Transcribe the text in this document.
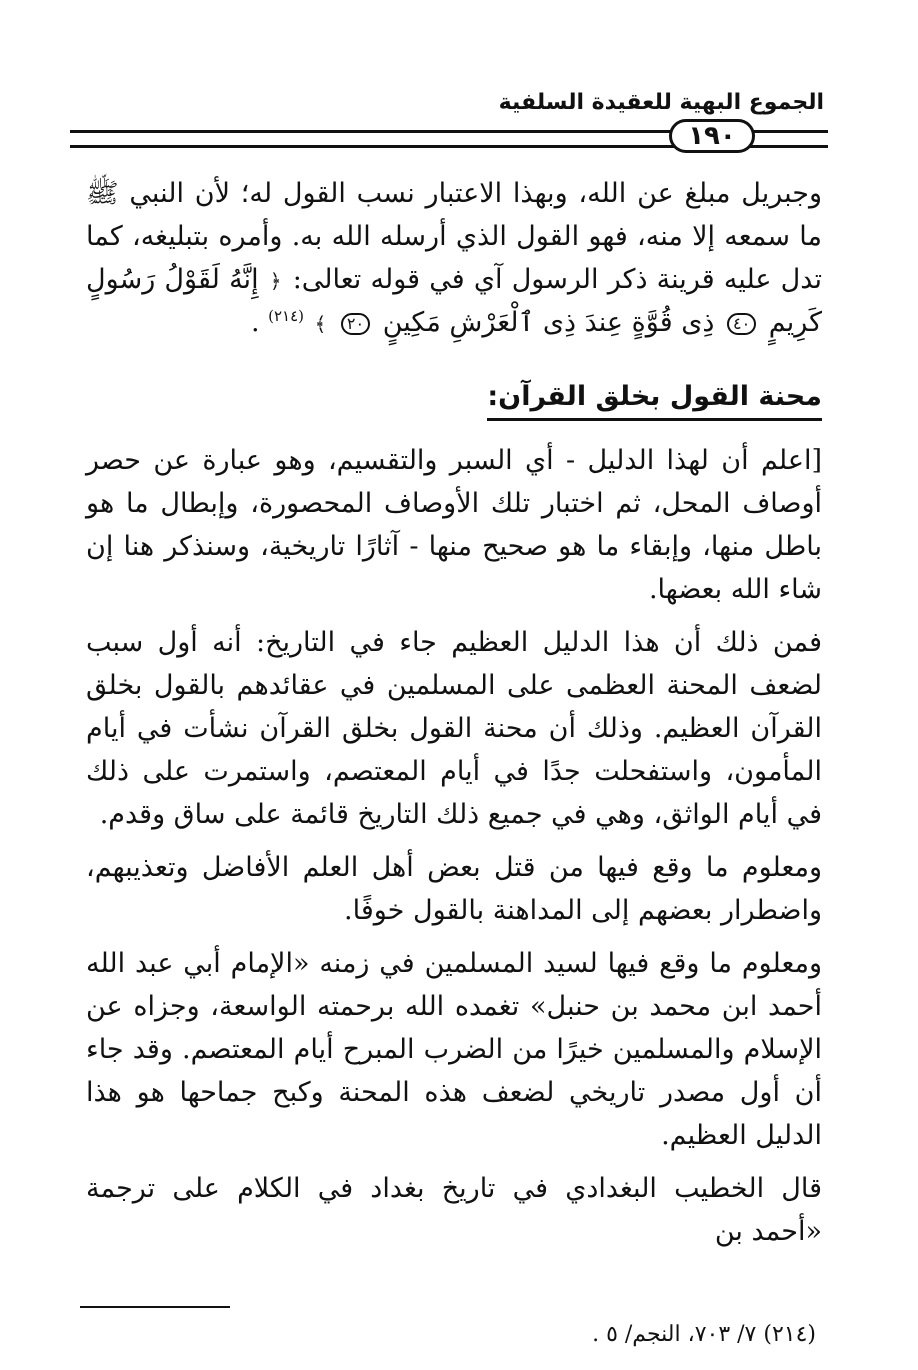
الجموع البهية للعقيدة السلفية
١٩٠

وجبريل مبلغ عن الله، وبهذا الاعتبار نسب القول له؛ لأن النبي ﷺ ما سمعه إلا منه، فهو القول الذي أرسله الله به. وأمره بتبليغه، كما تدل عليه قرينة ذكر الرسول آي في قوله تعالى: ﴿ إِنَّهُ لَقَوْلُ رَسُولٍ كَرِيمٍ ٤٠ ذِى قُوَّةٍ عِندَ ذِى ٱلْعَرْشِ مَكِينٍ ٢٠ ﴾ $^{(٢١٤)}$ .

محنة القول بخلق القرآن:

[اعلم أن لهذا الدليل - أي السبر والتقسيم، وهو عبارة عن حصر أوصاف المحل، ثم اختبار تلك الأوصاف المحصورة، وإبطال ما هو باطل منها، وإبقاء ما هو صحيح منها - آثارًا تاريخية، وسنذكر هنا إن شاء الله بعضها.

فمن ذلك أن هذا الدليل العظيم جاء في التاريخ: أنه أول سبب لضعف المحنة العظمى على المسلمين في عقائدهم بالقول بخلق القرآن العظيم. وذلك أن محنة القول بخلق القرآن نشأت في أيام المأمون، واستفحلت جدًا في أيام المعتصم، واستمرت على ذلك في أيام الواثق، وهي في جميع ذلك التاريخ قائمة على ساق وقدم.

ومعلوم ما وقع فيها من قتل بعض أهل العلم الأفاضل وتعذيبهم، واضطرار بعضهم إلى المداهنة بالقول خوفًا.

ومعلوم ما وقع فيها لسيد المسلمين في زمنه «الإمام أبي عبد الله أحمد ابن محمد بن حنبل» تغمده الله برحمته الواسعة، وجزاه عن الإسلام والمسلمين خيرًا من الضرب المبرح أيام المعتصم. وقد جاء أن أول مصدر تاريخي لضعف هذه المحنة وكبح جماحها هو هذا الدليل العظيم.

قال الخطيب البغدادي في تاريخ بغداد في الكلام على ترجمة «أحمد بن

(٢١٤) ٧/ ٧٠٣، النجم/ ٥ .
